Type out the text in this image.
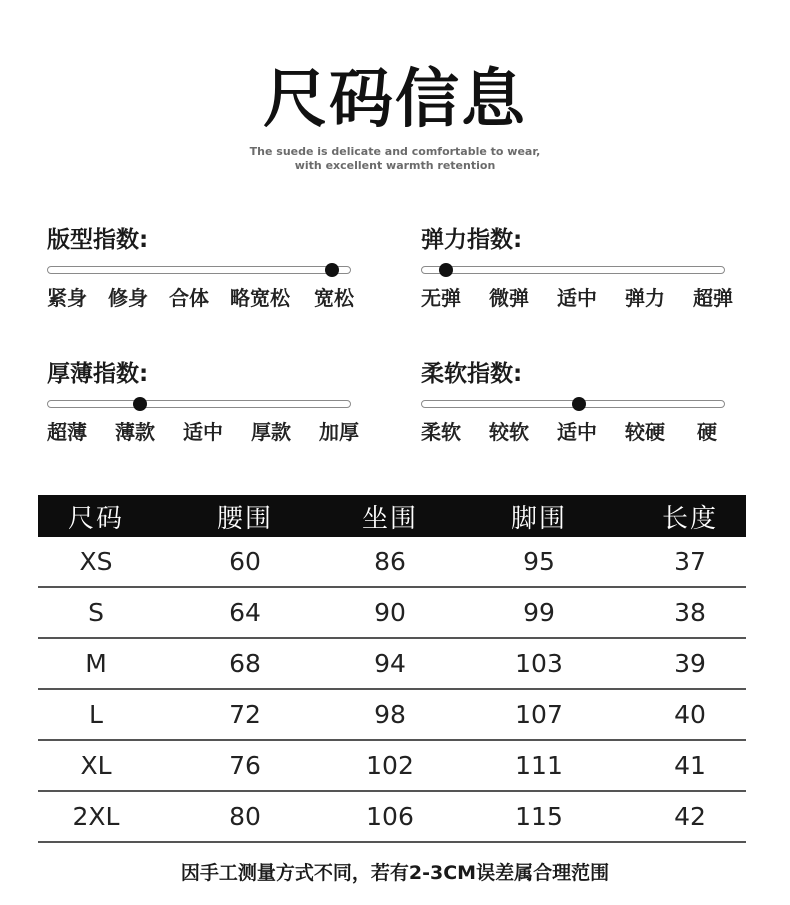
尺码信息
The suede is delicate and comfortable to wear,
with excellent warmth retention
版型指数:
紧身 修身 合体 略宽松 宽松
弹力指数:
无弹 微弹 适中 弹力 超弹
厚薄指数:
超薄 薄款 适中 厚款 加厚
柔软指数:
柔软 较软 适中 较硬 硬
尺码	腰围	坐围	脚围	长度
XS	60	86	95	37
S	64	90	99	38
M	68	94	103	39
L	72	98	107	40
XL	76	102	111	41
2XL	80	106	115	42
因手工测量方式不同，若有2-3CM误差属合理范围
